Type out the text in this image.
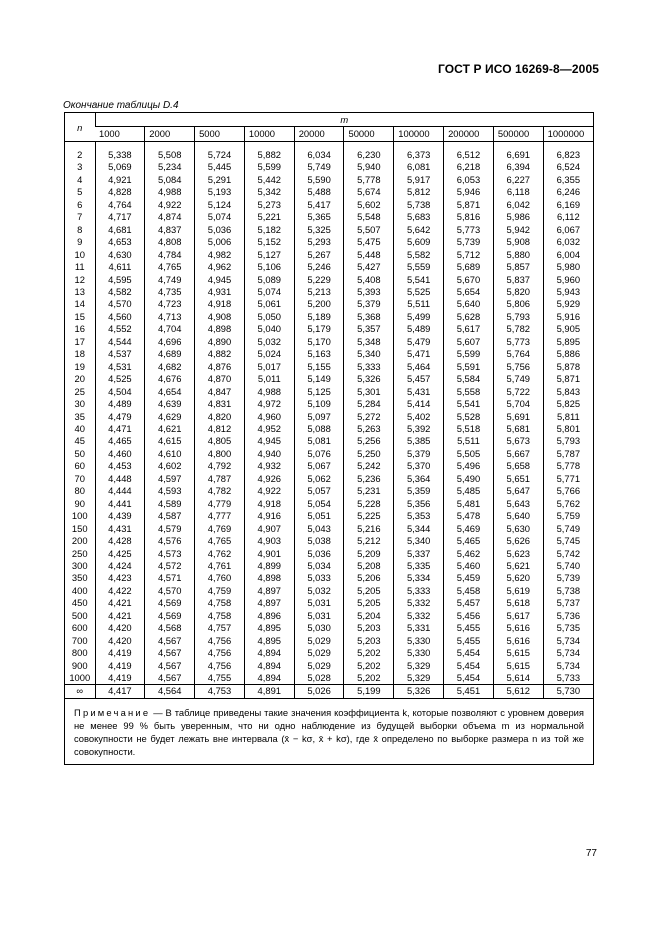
ГОСТ Р ИСО 16269-8—2005
Окончание таблицы D.4
n	m									
	1000	2000	5000	10000	20000	50000	100000	200000	500000	1000000

2	5,338	5,508	5,724	5,882	6,034	6,230	6,373	6,512	6,691	6,823
3	5,069	5,234	5,445	5,599	5,749	5,940	6,081	6,218	6,394	6,524
4	4,921	5,084	5,291	5,442	5,590	5,778	5,917	6,053	6,227	6,355
5	4,828	4,988	5,193	5,342	5,488	5,674	5,812	5,946	6,118	6,246
6	4,764	4,922	5,124	5,273	5,417	5,602	5,738	5,871	6,042	6,169
7	4,717	4,874	5,074	5,221	5,365	5,548	5,683	5,816	5,986	6,112
8	4,681	4,837	5,036	5,182	5,325	5,507	5,642	5,773	5,942	6,067
9	4,653	4,808	5,006	5,152	5,293	5,475	5,609	5,739	5,908	6,032
10	4,630	4,784	4,982	5,127	5,267	5,448	5,582	5,712	5,880	6,004
11	4,611	4,765	4,962	5,106	5,246	5,427	5,559	5,689	5,857	5,980
12	4,595	4,749	4,945	5,089	5,229	5,408	5,541	5,670	5,837	5,960
13	4,582	4,735	4,931	5,074	5,213	5,393	5,525	5,654	5,820	5,943
14	4,570	4,723	4,918	5,061	5,200	5,379	5,511	5,640	5,806	5,929
15	4,560	4,713	4,908	5,050	5,189	5,368	5,499	5,628	5,793	5,916
16	4,552	4,704	4,898	5,040	5,179	5,357	5,489	5,617	5,782	5,905
17	4,544	4,696	4,890	5,032	5,170	5,348	5,479	5,607	5,773	5,895
18	4,537	4,689	4,882	5,024	5,163	5,340	5,471	5,599	5,764	5,886
19	4,531	4,682	4,876	5,017	5,155	5,333	5,464	5,591	5,756	5,878
20	4,525	4,676	4,870	5,011	5,149	5,326	5,457	5,584	5,749	5,871
25	4,504	4,654	4,847	4,988	5,125	5,301	5,431	5,558	5,722	5,843
30	4,489	4,639	4,831	4,972	5,109	5,284	5,414	5,541	5,704	5,825
35	4,479	4,629	4,820	4,960	5,097	5,272	5,402	5,528	5,691	5,811
40	4,471	4,621	4,812	4,952	5,088	5,263	5,392	5,518	5,681	5,801
45	4,465	4,615	4,805	4,945	5,081	5,256	5,385	5,511	5,673	5,793
50	4,460	4,610	4,800	4,940	5,076	5,250	5,379	5,505	5,667	5,787
60	4,453	4,602	4,792	4,932	5,067	5,242	5,370	5,496	5,658	5,778
70	4,448	4,597	4,787	4,926	5,062	5,236	5,364	5,490	5,651	5,771
80	4,444	4,593	4,782	4,922	5,057	5,231	5,359	5,485	5,647	5,766
90	4,441	4,589	4,779	4,918	5,054	5,228	5,356	5,481	5,643	5,762
100	4,439	4,587	4,777	4,916	5,051	5,225	5,353	5,478	5,640	5,759
150	4,431	4,579	4,769	4,907	5,043	5,216	5,344	5,469	5,630	5,749
200	4,428	4,576	4,765	4,903	5,038	5,212	5,340	5,465	5,626	5,745
250	4,425	4,573	4,762	4,901	5,036	5,209	5,337	5,462	5,623	5,742
300	4,424	4,572	4,761	4,899	5,034	5,208	5,335	5,460	5,621	5,740
350	4,423	4,571	4,760	4,898	5,033	5,206	5,334	5,459	5,620	5,739
400	4,422	4,570	4,759	4,897	5,032	5,205	5,333	5,458	5,619	5,738
450	4,421	4,569	4,758	4,897	5,031	5,205	5,332	5,457	5,618	5,737
500	4,421	4,569	4,758	4,896	5,031	5,204	5,332	5,456	5,617	5,736
600	4,420	4,568	4,757	4,895	5,030	5,203	5,331	5,455	5,616	5,735
700	4,420	4,567	4,756	4,895	5,029	5,203	5,330	5,455	5,616	5,734
800	4,419	4,567	4,756	4,894	5,029	5,202	5,330	5,454	5,615	5,734
900	4,419	4,567	4,756	4,894	5,029	5,202	5,329	5,454	5,615	5,734
1000	4,419	4,567	4,755	4,894	5,028	5,202	5,329	5,454	5,614	5,733
∞	4,417	4,564	4,753	4,891	5,026	5,199	5,326	5,451	5,612	5,730
Примечание — В таблице приведены такие значения коэффициента k, которые позволяют с уровнем доверия не менее 99 % быть уверенным, что ни одно наблюдение из будущей выборки объема m из нормальной совокупности не будет лежать вне интервала (x̄ − kσ, x̄ + kσ), где x̄ определено по выборке размера n из той же совокупности.
77
